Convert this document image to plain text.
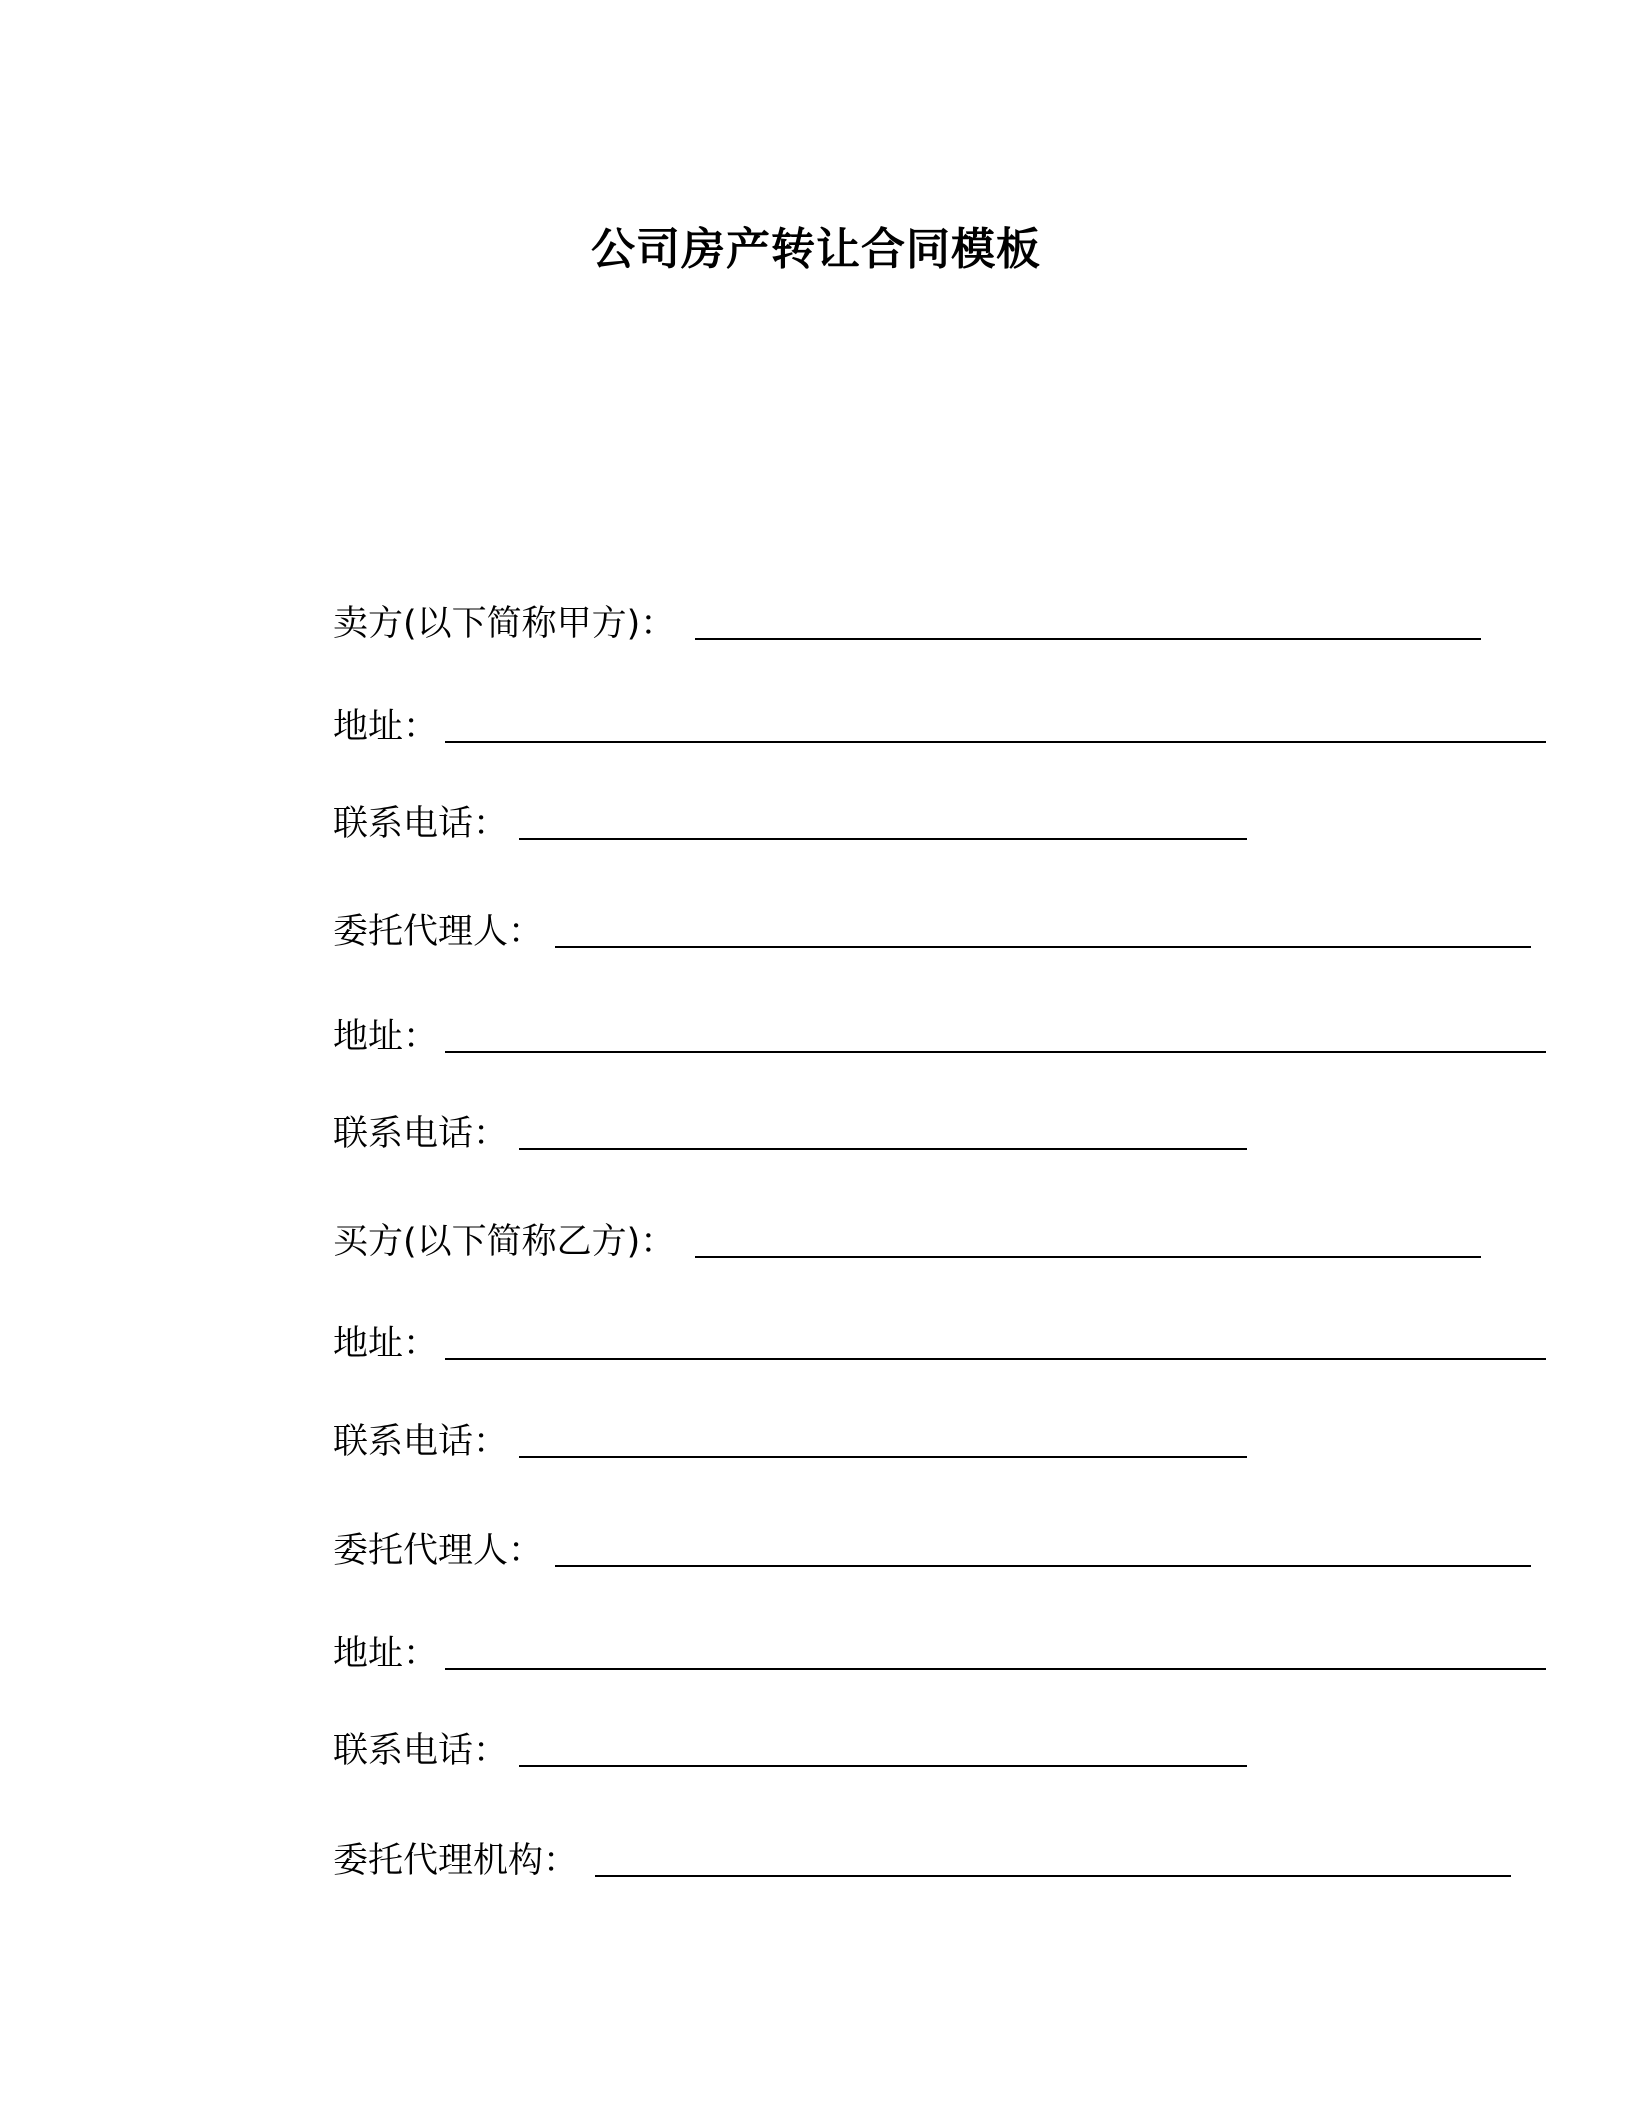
公司房产转让合同模板
卖方(以下简称甲方)：
地址：
联系电话：
委托代理人：
地址：
联系电话：
买方(以下简称乙方)：
地址：
联系电话：
委托代理人：
地址：
联系电话：
委托代理机构：
